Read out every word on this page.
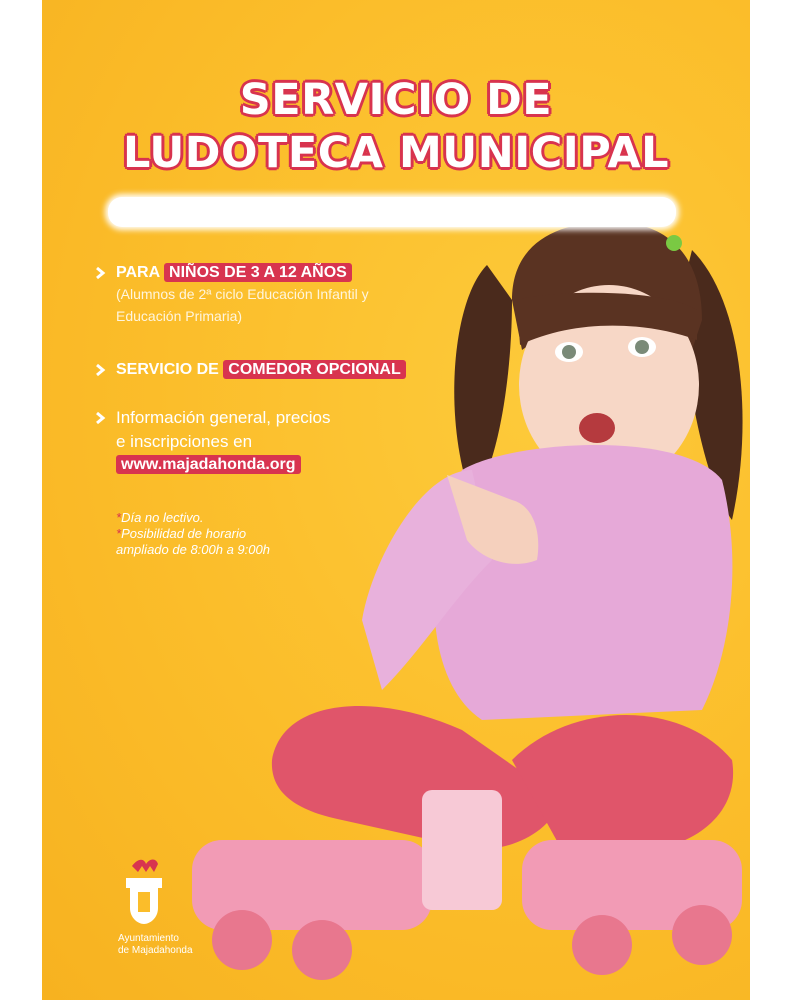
SERVICIO DE
LUDOTECA MUNICIPAL
PARA NIÑOS DE 3 A 12 AÑOS
(Alumnos de 2ª ciclo Educación Infantil y
Educación Primaria)
SERVICIO DE COMEDOR OPCIONAL
Información general, precios
e inscripciones en
www.majadahonda.org
*Día no lectivo.
*Posibilidad de horario
ampliado de 8:00h a 9:00h
Ayuntamiento
de Majadahonda
